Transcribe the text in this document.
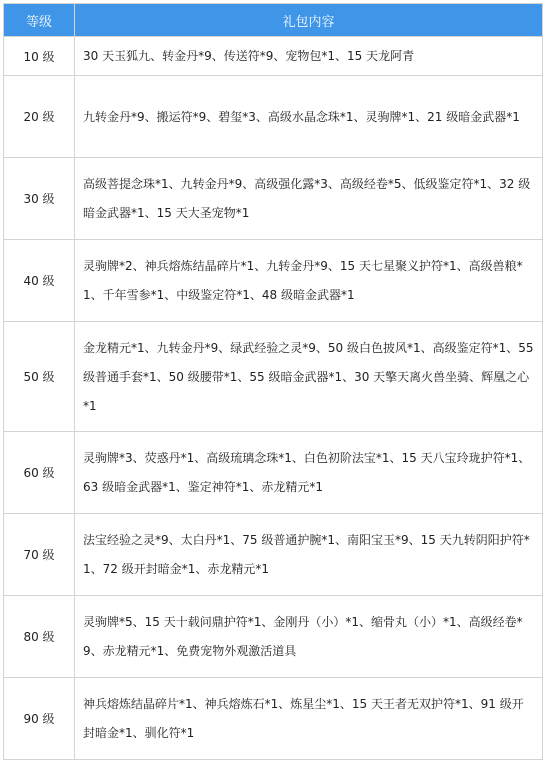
等级	礼包内容
10 级	30 天玉狐九、转金丹*9、传送符*9、宠物包*1、15 天龙阿青
20 级	九转金丹*9、搬运符*9、碧玺*3、高级水晶念珠*1、灵驹牌*1、21 级暗金武器*1
30 级	高级菩提念珠*1、九转金丹*9、高级强化露*3、高级经卷*5、低级鉴定符*1、32 级暗金武器*1、15 天大圣宠物*1
40 级	灵驹牌*2、神兵熔炼结晶碎片*1、九转金丹*9、15 天七星聚义护符*1、高级兽粮*1、千年雪参*1、中级鉴定符*1、48 级暗金武器*1
50 级	金龙精元*1、九转金丹*9、绿武经验之灵*9、50 级白色披风*1、高级鉴定符*1、55 级普通手套*1、50 级腰带*1、55 级暗金武器*1、30 天擎天离火兽坐骑、辉凰之心*1
60 级	灵驹牌*3、荧惑丹*1、高级琉璃念珠*1、白色初阶法宝*1、15 天八宝玲珑护符*1、63 级暗金武器*1、鉴定神符*1、赤龙精元*1
70 级	法宝经验之灵*9、太白丹*1、75 级普通护腕*1、南阳宝玉*9、15 天九转阴阳护符*1、72 级开封暗金*1、赤龙精元*1
80 级	灵驹牌*5、15 天十载问鼎护符*1、金刚丹（小）*1、缩骨丸（小）*1、高级经卷*9、赤龙精元*1、免费宠物外观激活道具
90 级	神兵熔炼结晶碎片*1、神兵熔炼石*1、炼星尘*1、15 天王者无双护符*1、91 级开封暗金*1、驯化符*1
